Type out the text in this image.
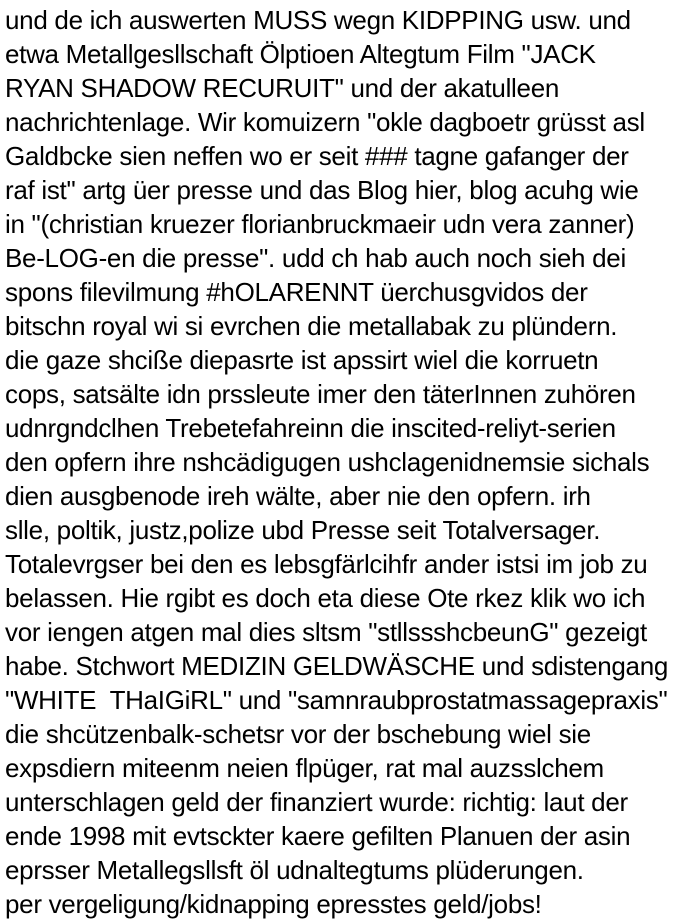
und de ich auswerten MUSS wegn KIDPPING usw. und
etwa Metallgesllschaft Ölptioen Altegtum Film "JACK
RYAN SHADOW RECURUIT" und der akatulleen
nachrichtenlage. Wir komuizern "okle dagboetr grüsst asl
Galdbcke sien neffen wo er seit ### tagne gafanger der
raf ist" artg üer presse und das Blog hier, blog acuhg wie
in "(christian kruezer florianbruckmaeir udn vera zanner)
Be-LOG-en die presse". udd ch hab auch noch sieh dei
spons filevilmung #hOLARENNT üerchusgvidos der
bitschn royal wi si evrchen die metallabak zu plündern.
die gaze shciße diepasrte ist apssirt wiel die korruetn
cops, satsälte idn prssleute imer den täterInnen zuhören
udnrgndclhen Trebetefahreinn die inscited-reliyt-serien
den opfern ihre nshcädigugen ushclagenidnemsie sichals
dien ausgbenode ireh wälte, aber nie den opfern. irh
slle, poltik, justz,polize ubd Presse seit Totalversager.
Totalevrgser bei den es lebsgfärlcihfr ander istsi im job zu
belassen. Hie rgibt es doch eta diese Ote rkez klik wo ich
vor iengen atgen mal dies sltsm "stllssshcbeunG" gezeigt
habe. Stchwort MEDIZIN GELDWÄSCHE und sdistengang
"WHITE  THaIGiRL" und "samnraubprostatmassagepraxis"
die shcützenbalk-schetsr vor der bschebung wiel sie
expsdiern miteenm neien flpüger, rat mal auzsslchem
unterschlagen geld der finanziert wurde: richtig: laut der
ende 1998 mit evtsckter kaere gefilten Planuen der asin
eprsser Metallegsllsft öl udnaltegtums plüderungen.
per vergeligung/kidnapping epresstes geld/jobs!
